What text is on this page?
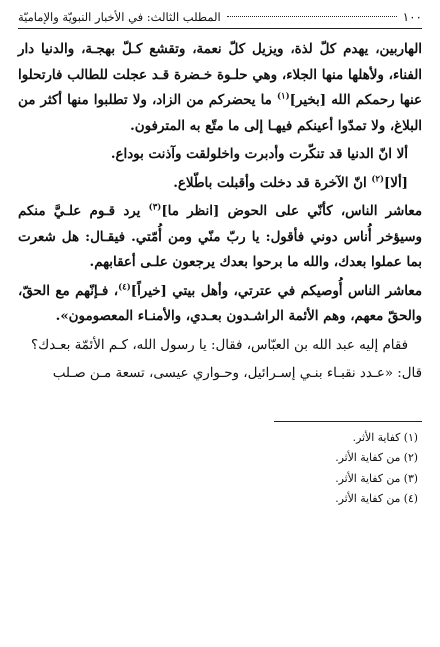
١٠٠
المطلب الثالث: في الأخبار النبويّة والإماميّة

الهاربين، يهدم كلّ لذة، ويزيل كلّ نعمة، وتقشع كـلّ بهجـة، والدنيا دار الفناء، ولأهلها منها الجلاء، وهي حلـوة خـضرة قـد عجلت للطالب فارتحلوا عنها رحمكم الله [بخير]$^{(١)}$ ما يحضركم من الزاد، ولا تطلبوا منها أكثر من البلاغ، ولا تمدّوا أعينكم فيهـا إلى ما متّع به المترفون.

ألا انّ الدنيا قد تنكّرت وأدبرت واخلولقت وآذنت بوداع.

[ألا]$^{(٢)}$ انّ الآخرة قد دخلت وأقبلت باطّلاع.

معاشر الناس، كأنّي على الحوض [انظر ما]$^{(٣)}$ يرد قـوم علـيَّ منكم وسيؤخر أُناس دوني فأقول: يا ربّ منّي ومن أُمّتي. فيقـال: هل شعرت بما عملوا بعدك، والله ما برحوا بعدك يرجعون علـى أعقابهم.

معاشر الناس أُوصيكم في عترتي، وأهل بيتي [خيراً]$^{(٤)}$، فـإنّهم مع الحقّ، والحقّ معهم، وهم الأئمة الراشـدون بعـدي، والأمنـاء المعصومون».

فقام إليه عبد الله بن العبّاس، فقال: يا رسول الله، كـم الأئمّة بعـدك؟

قال: «عـدد نقبـاء بنـي إسـرائيل، وحـواري عيسى، تسعة مـن صـلب

(١) كفاية الأثر.
(٢) من كفاية الأثر.
(٣) من كفاية الأثر.
(٤) من كفاية الأثر.
